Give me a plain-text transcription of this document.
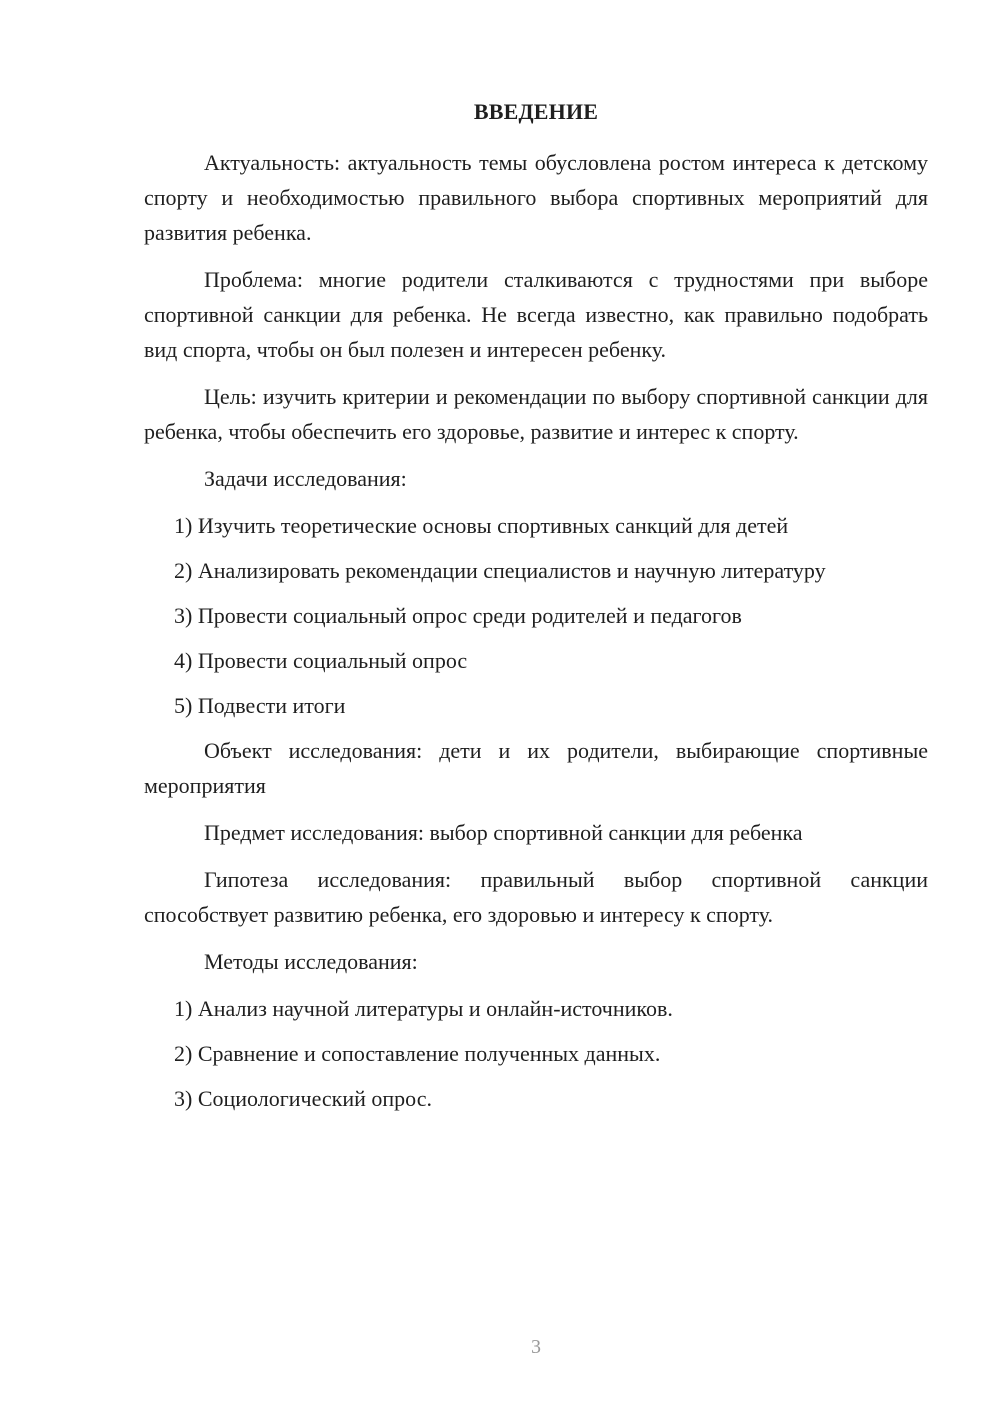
ВВЕДЕНИЕ

Актуальность: актуальность темы обусловлена ростом интереса к детскому спорту и необходимостью правильного выбора спортивных мероприятий для развития ребенка.

Проблема: многие родители сталкиваются с трудностями при выборе спортивной санкции для ребенка. Не всегда известно, как правильно подобрать вид спорта, чтобы он был полезен и интересен ребенку.

Цель: изучить критерии и рекомендации по выбору спортивной санкции для ребенка, чтобы обеспечить его здоровье, развитие и интерес к спорту.

Задачи исследования:

1) Изучить теоретические основы спортивных санкций для детей

2) Анализировать рекомендации специалистов и научную литературу

3) Провести социальный опрос среди родителей и педагогов

4) Провести социальный опрос

5) Подвести итоги

Объект исследования: дети и их родители, выбирающие спортивные мероприятия

Предмет исследования: выбор спортивной санкции для ребенка

Гипотеза исследования: правильный выбор спортивной санкции способствует развитию ребенка, его здоровью и интересу к спорту.

Методы исследования:

1) Анализ научной литературы и онлайн-источников.

2) Сравнение и сопоставление полученных данных.

3) Социологический опрос.

3
